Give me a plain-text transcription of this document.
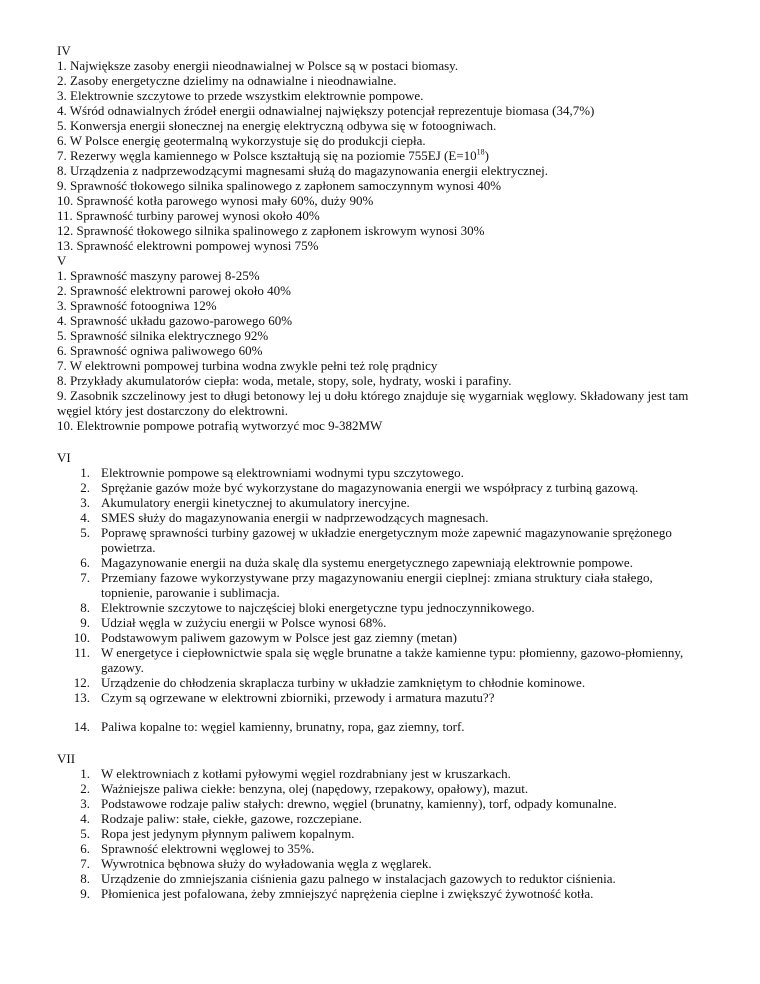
IV

1. Największe zasoby energii nieodnawialnej w Polsce są w postaci biomasy.

2. Zasoby energetyczne dzielimy na odnawialne i nieodnawialne.

3. Elektrownie szczytowe to przede wszystkim elektrownie pompowe.

4. Wśród odnawialnych źródeł energii odnawialnej największy potencjał reprezentuje biomasa (34,7%)

5. Konwersja energii słonecznej na energię elektryczną odbywa się w fotoogniwach.

6. W Polsce energię geotermalną wykorzystuje się do produkcji ciepła.

7. Rezerwy węgla kamiennego w Polsce kształtują się na poziomie 755EJ $(E=10^{18})$

8. Urządzenia z nadprzewodzącymi magnesami służą do magazynowania energii elektrycznej.

9. Sprawność tłokowego silnika spalinowego z zapłonem samoczynnym wynosi 40%

10. Sprawność kotła parowego wynosi mały 60%, duży 90%

11. Sprawność turbiny parowej wynosi około 40%

12. Sprawność tłokowego silnika spalinowego z zapłonem iskrowym wynosi 30%

13. Sprawność elektrowni pompowej wynosi 75%

V

1. Sprawność maszyny parowej 8-25%

2. Sprawność elektrowni parowej około 40%

3. Sprawność fotoogniwa 12%

4. Sprawność układu gazowo-parowego 60%

5. Sprawność silnika elektrycznego 92%

6. Sprawność ogniwa paliwowego 60%

7. W elektrowni pompowej turbina wodna zwykle pełni też rolę prądnicy

8. Przykłady akumulatorów ciepła: woda, metale, stopy, sole, hydraty, woski i parafiny.

9. Zasobnik szczelinowy jest to długi betonowy lej u dołu którego znajduje się wygarniak węglowy. Składowany jest tam węgiel który jest dostarczony do elektrowni.

10. Elektrownie pompowe potrafią wytworzyć moc 9-382MW

VI

1. Elektrownie pompowe są elektrowniami wodnymi typu szczytowego.
2. Sprężanie gazów może być wykorzystane do magazynowania energii we współpracy z turbiną gazową.
3. Akumulatory energii kinetycznej to akumulatory inercyjne.
4. SMES służy do magazynowania energii w nadprzewodzących magnesach.
5. Poprawę sprawności turbiny gazowej w układzie energetycznym może zapewnić magazynowanie sprężonego powietrza.
6. Magazynowanie energii na duża skalę dla systemu energetycznego zapewniają elektrownie pompowe.
7. Przemiany fazowe wykorzystywane przy magazynowaniu energii cieplnej: zmiana struktury ciała stałego, topnienie, parowanie i sublimacja.
8. Elektrownie szczytowe to najczęściej bloki energetyczne typu jednoczynnikowego.
9. Udział węgla w zużyciu energii w Polsce wynosi 68%.
10. Podstawowym paliwem gazowym w Polsce jest gaz ziemny (metan)
11. W energetyce i ciepłownictwie spala się węgle brunatne a także kamienne typu: płomienny, gazowo-płomienny, gazowy.
12. Urządzenie do chłodzenia skraplacza turbiny w układzie zamkniętym to chłodnie kominowe.
13. Czym są ogrzewane w elektrowni zbiorniki, przewody i armatura mazutu??
14. Paliwa kopalne to: węgiel kamienny, brunatny, ropa, gaz ziemny, torf.

VII

1. W elektrowniach z kotłami pyłowymi węgiel rozdrabniany jest w kruszarkach.
2. Ważniejsze paliwa ciekłe: benzyna, olej (napędowy, rzepakowy, opałowy), mazut.
3. Podstawowe rodzaje paliw stałych: drewno, węgiel (brunatny, kamienny), torf, odpady komunalne.
4. Rodzaje paliw: stałe, ciekłe, gazowe, rozczepiane.
5. Ropa jest jedynym płynnym paliwem kopalnym.
6. Sprawność elektrowni węglowej to 35%.
7. Wywrotnica bębnowa służy do wyładowania węgla z węglarek.
8. Urządzenie do zmniejszania ciśnienia gazu palnego w instalacjach gazowych to reduktor ciśnienia.
9. Płomienica jest pofalowana, żeby zmniejszyć naprężenia cieplne i zwiększyć żywotność kotła.
